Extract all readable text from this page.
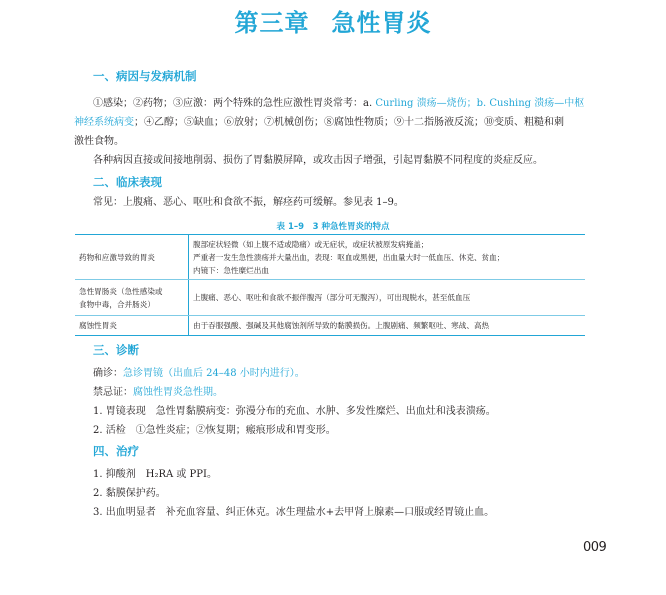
第三章 急性胃炎
一、病因与发病机制
①感染；②药物；③应激：两个特殊的急性应激性胃炎常考：a. Curling 溃疡—烧伤；b. Cushing 溃疡—中枢
神经系统病变；④乙醇；⑤缺血；⑥放射；⑦机械创伤；⑧腐蚀性物质；⑨十二指肠液反流；⑩变质、粗糙和刺
激性食物。
各种病因直接或间接地削弱、损伤了胃黏膜屏障，或攻击因子增强，引起胃黏膜不同程度的炎症反应。
二、临床表现
常见：上腹痛、恶心、呕吐和食欲不振，解痉药可缓解。参见表 1–9。
表 1–9　3 种急性胃炎的特点
药物和应激导致的胃炎	腹部症状轻微（如上腹不适或隐痛）或无症状，或症状被原发病掩盖；
严重者一发生急性溃疡并大量出血，表现：呕血或黑便，出血量大时一低血压、休克、贫血；
内镜下：急性糜烂出血

急性胃肠炎（急性感染或
食物中毒，合并肠炎）	上腹痛、恶心、呕吐和食欲不振伴腹泻（部分可无腹泻），可出现脱水，甚至低血压
腐蚀性胃炎	由于吞服强酸、强碱及其他腐蚀剂所导致的黏膜损伤。上腹剧痛、频繁呕吐、寒战、高热
三、诊断
确诊：急诊胃镜（出血后 24–48 小时内进行）。
禁忌证：腐蚀性胃炎急性期。
1. 胃镜表现　急性胃黏膜病变：弥漫分布的充血、水肿、多发性糜烂、出血灶和浅表溃疡。
2. 活检　①急性炎症；②恢复期；瘢痕形成和胃变形。
四、治疗
1. 抑酸剂　H₂RA 或 PPI。
2. 黏膜保护药。
3. 出血明显者　补充血容量、纠正休克。冰生理盐水+去甲肾上腺素—口服或经胃镜止血。
009
